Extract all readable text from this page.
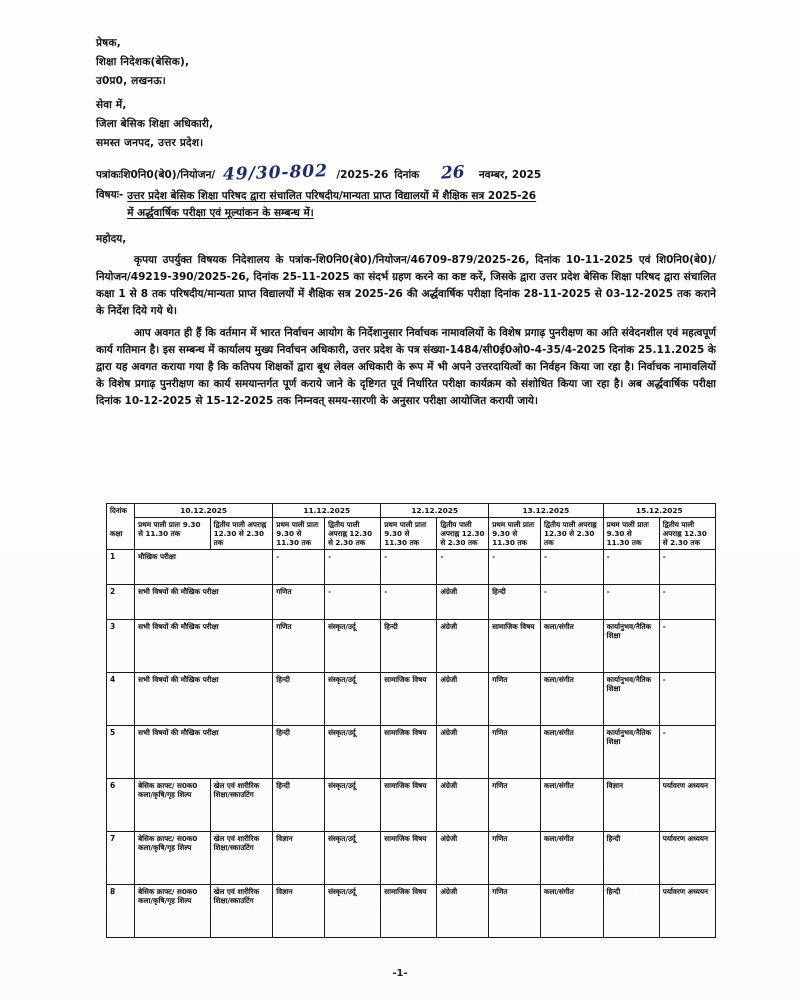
प्रेषक,
शिक्षा निदेशक(बेसिक),
उ0प्र0, लखनऊ।
सेवा में,
जिला बेसिक शिक्षा अधिकारी,
समस्त जनपद, उत्तर प्रदेश।
पत्रांकः शि0नि0(बे0)/नियोजन/ 49/30-802 /2025-26 दिनांक 26 नवम्बर, 2025
विषयः- उत्तर प्रदेश बेसिक शिक्षा परिषद द्वारा संचालित परिषदीय/मान्यता प्राप्त विद्यालयों में शैक्षिक सत्र 2025-26
में अर्द्धवार्षिक परीक्षा एवं मूल्यांकन के सम्बन्ध में।
महोदय,
कृपया उपर्युक्त विषयक निदेशालय के पत्रांक-शि0नि0(बे0)/नियोजन/46709-879/2025-26, दिनांक 10-11-2025 एवं शि0नि0(बे0)/नियोजन/49219-390/2025-26, दिनांक 25-11-2025 का संदर्भ ग्रहण करने का कष्ट करें, जिसके द्वारा उत्तर प्रदेश बेसिक शिक्षा परिषद द्वारा संचालित कक्षा 1 से 8 तक परिषदीय/मान्यता प्राप्त विद्यालयों में शैक्षिक सत्र 2025-26 की अर्द्धवार्षिक परीक्षा दिनांक 28-11-2025 से 03-12-2025 तक कराने के निर्देश दिये गये थे।
आप अवगत ही हैं कि वर्तमान में भारत निर्वाचन आयोग के निर्देशानुसार निर्वाचक नामावलियों के विशेष प्रगाढ़ पुनरीक्षण का अति संवेदनशील एवं महत्वपूर्ण कार्य गतिमान है। इस सम्बन्ध में कार्यालय मुख्य निर्वाचन अधिकारी, उत्तर प्रदेश के पत्र संख्या-1484/सी0ई0ओ0-4-35/4-2025 दिनांक 25.11.2025 के द्वारा यह अवगत कराया गया है कि कतिपय शिक्षकों द्वारा बूथ लेवल अधिकारी के रूप में भी अपने उत्तरदायित्वों का निर्वहन किया जा रहा है। निर्वाचक नामावलियों के विशेष प्रगाढ़ पुनरीक्षण का कार्य समयान्तर्गत पूर्ण कराये जाने के दृष्टिगत पूर्व निर्धारित परीक्षा कार्यक्रम को संशोधित किया जा रहा है। अब अर्द्धवार्षिक परीक्षा दिनांक 10-12-2025 से 15-12-2025 तक निम्नवत् समय-सारणी के अनुसार परीक्षा आयोजित करायी जाये।
दिनांक
कक्षा	10.12.2025		11.12.2025		12.12.2025		13.12.2025		15.12.2025	
	प्रथम पाली प्रातः 9.30 से 11.30 तक	द्वितीय पाली अपराह्न 12.30 से 2.30 तक	प्रथम पाली प्रातः 9.30 से 11.30 तक	द्वितीय पाली अपराह्न 12.30 से 2.30 तक	प्रथम पाली प्रातः 9.30 से 11.30 तक	द्वितीय पाली अपराह्न 12.30 से 2.30 तक	प्रथम पाली प्रातः 9.30 से 11.30 तक	द्वितीय पाली अपराह्न 12.30 से 2.30 तक	प्रथम पाली प्रातः 9.30 से 11.30 तक	द्वितीय पाली अपराह्न 12.30 से 2.30 तक
1	मौखिक परीक्षा		-	-	-	-	-	-	-	-
2	सभी विषयों की मौखिक परीक्षा		गणित	-	-	अंग्रेजी	हिन्दी	-	-	-
3	सभी विषयों की मौखिक परीक्षा		गणित	संस्कृत/उर्दू	हिन्दी	अंग्रेजी	सामाजिक विषय	कला/संगीत	कार्यानुभव/नैतिक शिक्षा	-
4	सभी विषयों की मौखिक परीक्षा		हिन्दी	संस्कृत/उर्दू	सामाजिक विषय	अंग्रेजी	गणित	कला/संगीत	कार्यानुभव/नैतिक शिक्षा	-
5	सभी विषयों की मौखिक परीक्षा		हिन्दी	संस्कृत/उर्दू	सामाजिक विषय	अंग्रेजी	गणित	कला/संगीत	कार्यानुभव/नैतिक शिक्षा	-
6	बेसिक क्राफ्ट/ स0क0 कला/कृषि/गृह शिल्प	खेल एवं शारीरिक शिक्षा/स्काउटिंग	हिन्दी	संस्कृत/उर्दू	सामाजिक विषय	अंग्रेजी	गणित	कला/संगीत	विज्ञान	पर्यावरण अध्ययन
7	बेसिक क्राफ्ट/ स0क0 कला/कृषि/गृह शिल्प	खेल एवं शारीरिक शिक्षा/स्काउटिंग	विज्ञान	संस्कृत/उर्दू	सामाजिक विषय	अंग्रेजी	गणित	कला/संगीत	हिन्दी	पर्यावरण अध्ययन
8	बेसिक क्राफ्ट/ स0क0 कला/कृषि/गृह शिल्प	खेल एवं शारीरिक शिक्षा/स्काउटिंग	विज्ञान	संस्कृत/उर्दू	सामाजिक विषय	अंग्रेजी	गणित	कला/संगीत	हिन्दी	पर्यावरण अध्ययन
-1-
